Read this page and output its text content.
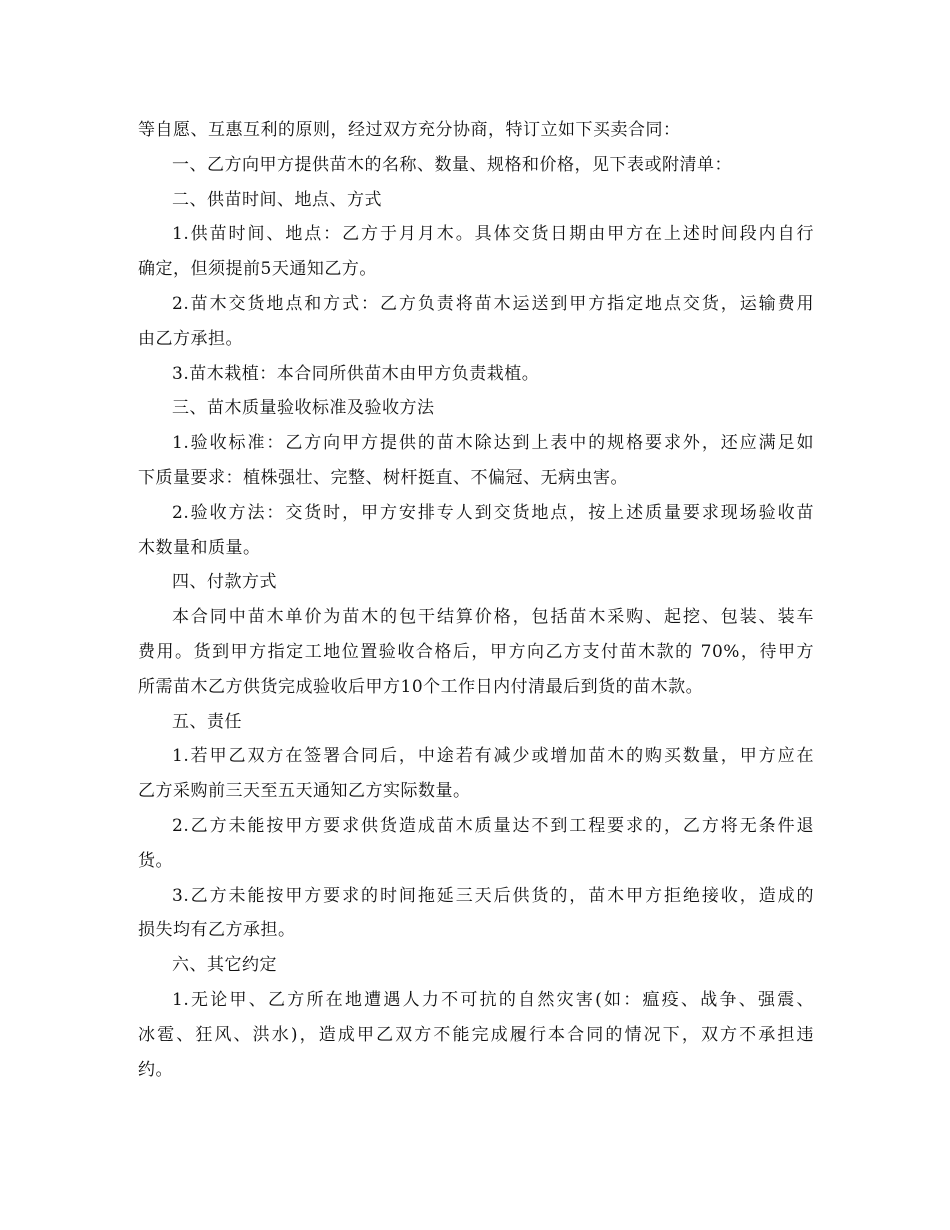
等自愿、互惠互利的原则，经过双方充分协商，特订立如下买卖合同：
一、乙方向甲方提供苗木的名称、数量、规格和价格，见下表或附清单：
二、供苗时间、地点、方式
1.供苗时间、地点：乙方于月月木。具体交货日期由甲方在上述时间段内自行
确定，但须提前5天通知乙方。
2.苗木交货地点和方式：乙方负责将苗木运送到甲方指定地点交货，运输费用
由乙方承担。
3.苗木栽植：本合同所供苗木由甲方负责栽植。
三、苗木质量验收标准及验收方法
1.验收标准：乙方向甲方提供的苗木除达到上表中的规格要求外，还应满足如
下质量要求：植株强壮、完整、树杆挺直、不偏冠、无病虫害。
2.验收方法：交货时，甲方安排专人到交货地点，按上述质量要求现场验收苗
木数量和质量。
四、付款方式
本合同中苗木单价为苗木的包干结算价格，包括苗木采购、起挖、包装、装车
费用。货到甲方指定工地位置验收合格后，甲方向乙方支付苗木款的 70%，待甲方
所需苗木乙方供货完成验收后甲方10个工作日内付清最后到货的苗木款。
五、责任
1.若甲乙双方在签署合同后，中途若有减少或增加苗木的购买数量，甲方应在
乙方采购前三天至五天通知乙方实际数量。
2.乙方未能按甲方要求供货造成苗木质量达不到工程要求的，乙方将无条件退
货。
3.乙方未能按甲方要求的时间拖延三天后供货的，苗木甲方拒绝接收，造成的
损失均有乙方承担。
六、其它约定
1.无论甲、乙方所在地遭遇人力不可抗的自然灾害(如：瘟疫、战争、强震、
冰雹、狂风、洪水)，造成甲乙双方不能完成履行本合同的情况下，双方不承担违
约。
